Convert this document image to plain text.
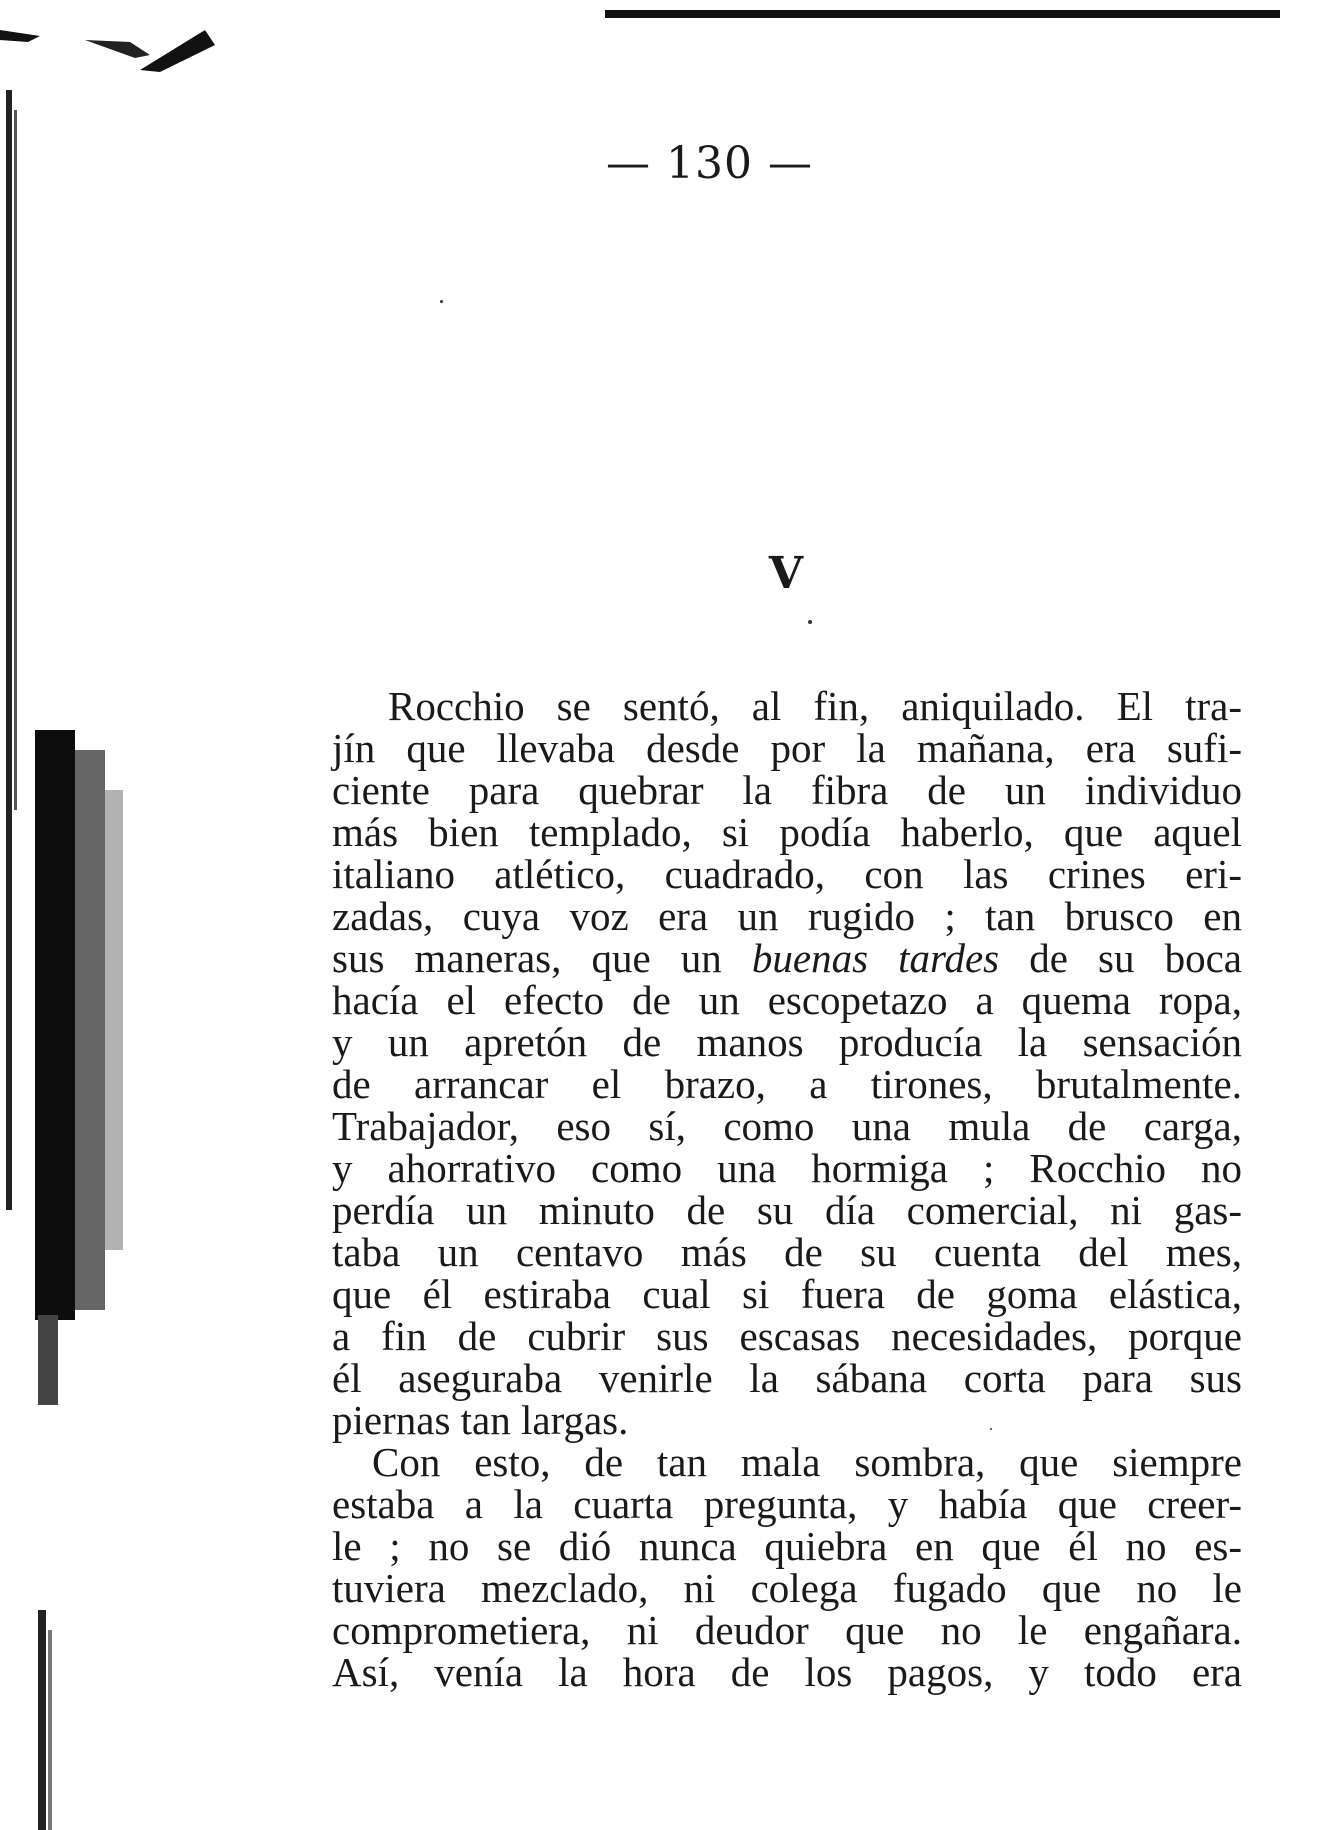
— 130 —
V
Rocchio se sentó, al fin, aniquilado. El tra-
jín que llevaba desde por la mañana, era sufi-
ciente para quebrar la fibra de un individuo
más bien templado, si podía haberlo, que aquel
italiano atlético, cuadrado, con las crines eri-
zadas, cuya voz era un rugido ; tan brusco en
sus maneras, que un buenas tardes de su boca
hacía el efecto de un escopetazo a quema ropa,
y un apretón de manos producía la sensación
de arrancar el brazo, a tirones, brutalmente.
Trabajador, eso sí, como una mula de carga,
y ahorrativo como una hormiga ; Rocchio no
perdía un minuto de su día comercial, ni gas-
taba un centavo más de su cuenta del mes,
que él estiraba cual si fuera de goma elástica,
a fin de cubrir sus escasas necesidades, porque
él aseguraba venirle la sábana corta para sus
piernas tan largas.
Con esto, de tan mala sombra, que siempre
estaba a la cuarta pregunta, y había que creer-
le ; no se dió nunca quiebra en que él no es-
tuviera mezclado, ni colega fugado que no le
comprometiera, ni deudor que no le engañara.
Así, venía la hora de los pagos, y todo era
